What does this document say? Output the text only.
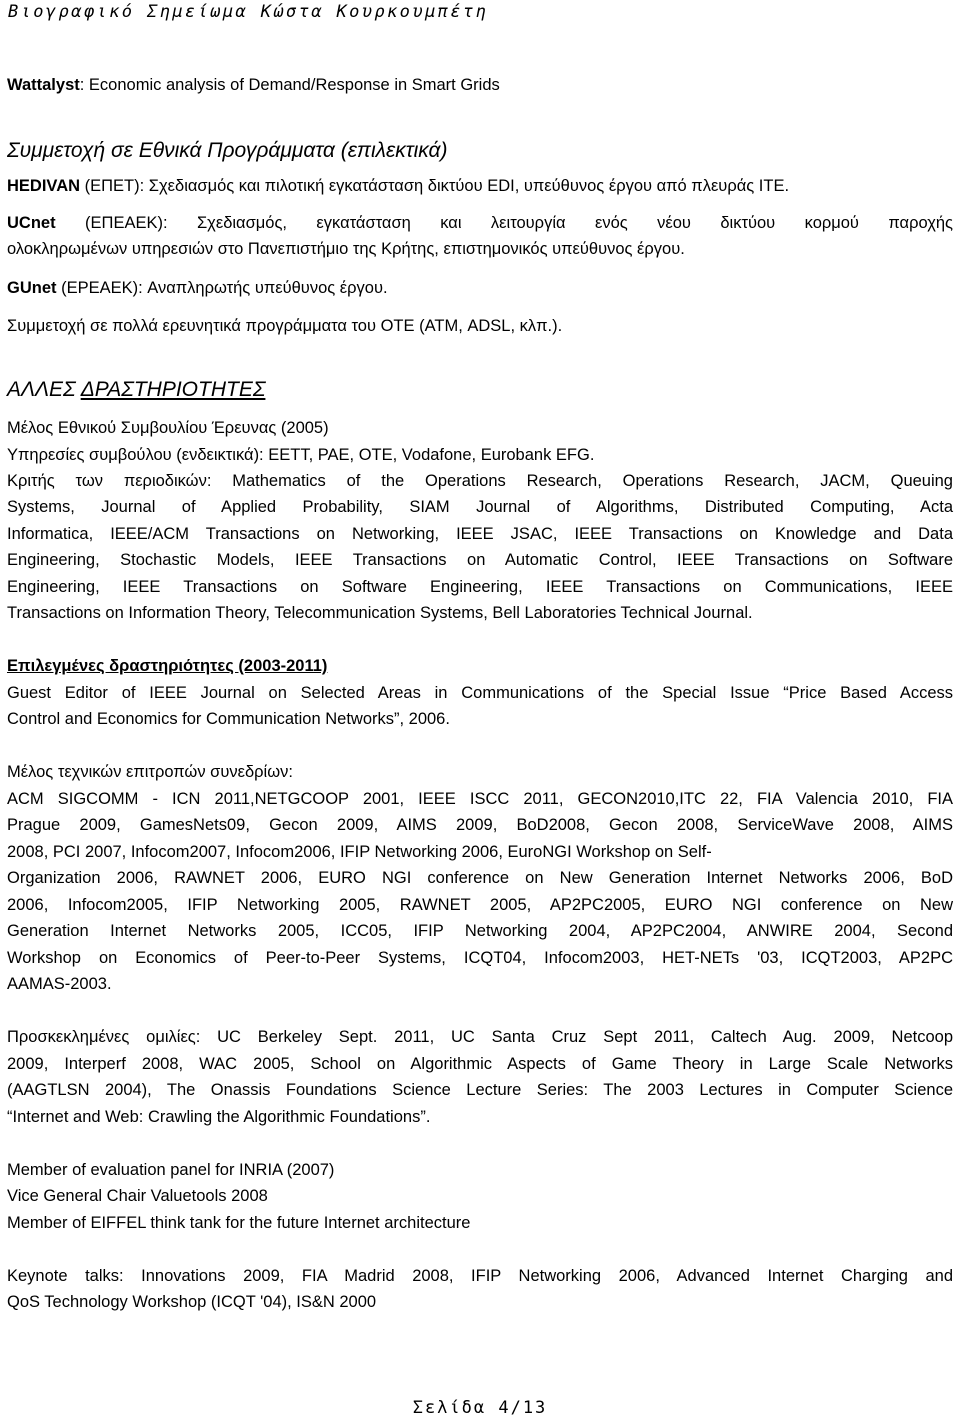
Βιογραφικό Σημείωμα Κώστα Κουρκουμπέτη
Wattalyst: Economic analysis of Demand/Response in Smart Grids
Συμμετοχή σε Εθνικά Προγράμματα (επιλεκτικά)
HEDIVAN (ΕΠΕΤ): Σχεδιασμός και πιλοτική εγκατάσταση δικτύου EDI, υπεύθυνος έργου από πλευράς ΙΤΕ.
UCnet (ΕΠΕΑΕΚ): Σχεδιασμός, εγκατάσταση και λειτουργία ενός νέου δικτύου κορμού παροχής
ολοκληρωμένων υπηρεσιών στο Πανεπιστήμιο της Κρήτης, επιστημονικός υπεύθυνος έργου.
GUnet (ΕΡΕΑΕΚ): Αναπληρωτής υπεύθυνος έργου.
Συμμετοχή σε πολλά ερευνητικά προγράμματα του ΟΤΕ (ΑΤΜ, ADSL, κλπ.).
ΑΛΛΕΣ ΔΡΑΣΤΗΡΙΟΤΗΤΕΣ
Μέλος Εθνικού Συμβουλίου Έρευνας (2005)
Υπηρεσίες συμβούλου (ενδεικτικά): ΕΕΤΤ, ΡΑΕ, ΟΤΕ, Vodafone, Eurobank EFG.
Κριτής των περιοδικών: Mathematics of the Operations Research, Operations Research, JACM, Queuing
Systems, Journal of Applied Probability, SIAM Journal of Algorithms, Distributed Computing, Acta
Informatica, IEEE/ACM Transactions on Networking, IEEE JSAC, IEEE Transactions on Knowledge and Data
Engineering, Stochastic Models, IEEE Transactions on Automatic Control, IEEE Transactions on Software
Engineering, IEEE Transactions on Software Engineering, IEEE Transactions on Communications, IEEE
Transactions on Information Theory, Telecommunication Systems, Bell Laboratories Technical Journal.
Επιλεγμένες δραστηριότητες (2003-2011)
Guest Editor of IEEE Journal on Selected Areas in Communications of the Special Issue “Price Based Access
Control and Economics for Communication Networks”, 2006.
Μέλος τεχνικών επιτροπών συνεδρίων:
ACM SIGCOMM - ICN 2011,NETGCOOP 2001, IEEE ISCC 2011, GECON2010,ITC 22, FIA Valencia 2010, FIA
Prague 2009, GamesNets09, Gecon 2009, AIMS 2009, BoD2008, Gecon 2008, ServiceWave 2008, AIMS
2008, PCI 2007, Infocom2007, Infocom2006, IFIP Networking 2006, EuroNGI Workshop on Self-
Organization 2006, RAWNET 2006, EURO NGI conference on New Generation Internet Networks 2006, BoD
2006, Infocom2005, IFIP Networking 2005, RAWNET 2005, AP2PC2005, EURO NGI conference on New
Generation Internet Networks 2005, ICC05, IFIP Networking 2004, AP2PC2004, ANWIRE 2004, Second
Workshop on Economics of Peer-to-Peer Systems, ICQT04, Infocom2003, HET-NETs '03, ICQT2003, AP2PC
AAMAS-2003.
Προσκεκλημένες ομιλίες: UC Berkeley Sept. 2011, UC Santa Cruz Sept 2011, Caltech Aug. 2009, Netcoop
2009, Interperf 2008, WAC 2005, School on Algorithmic Aspects of Game Theory in Large Scale Networks
(AAGTLSN 2004), The Onassis Foundations Science Lecture Series: The 2003 Lectures in Computer Science
“Internet and Web: Crawling the Algorithmic Foundations”.
Member of evaluation panel for INRIA (2007)
Vice General Chair Valuetools 2008
Member of EIFFEL think tank for the future Internet architecture
Keynote talks: Innovations 2009, FIA Madrid 2008, IFIP Networking 2006, Advanced Internet Charging and
QoS Technology Workshop (ICQT '04), IS&N 2000
Σελίδα 4/13
